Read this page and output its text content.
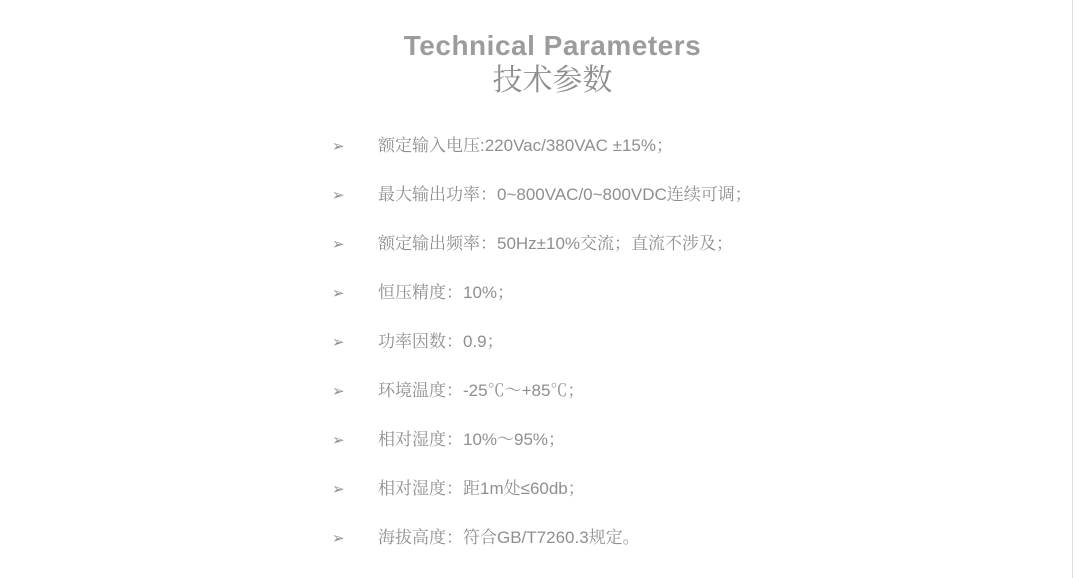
Technical Parameters
技术参数
➢	额定输入电压:220Vac/380VAC ±15%；
➢	最大输出功率：0~800VAC/0~800VDC连续可调；
➢	额定输出频率：50Hz±10%交流；直流不涉及；
➢	恒压精度：10%；
➢	功率因数：0.9；
➢	环境温度：-25℃～+85℃；
➢	相对湿度：10%～95%；
➢	相对湿度：距1m处≤60db；
➢	海拔高度：符合GB/T7260.3规定。
